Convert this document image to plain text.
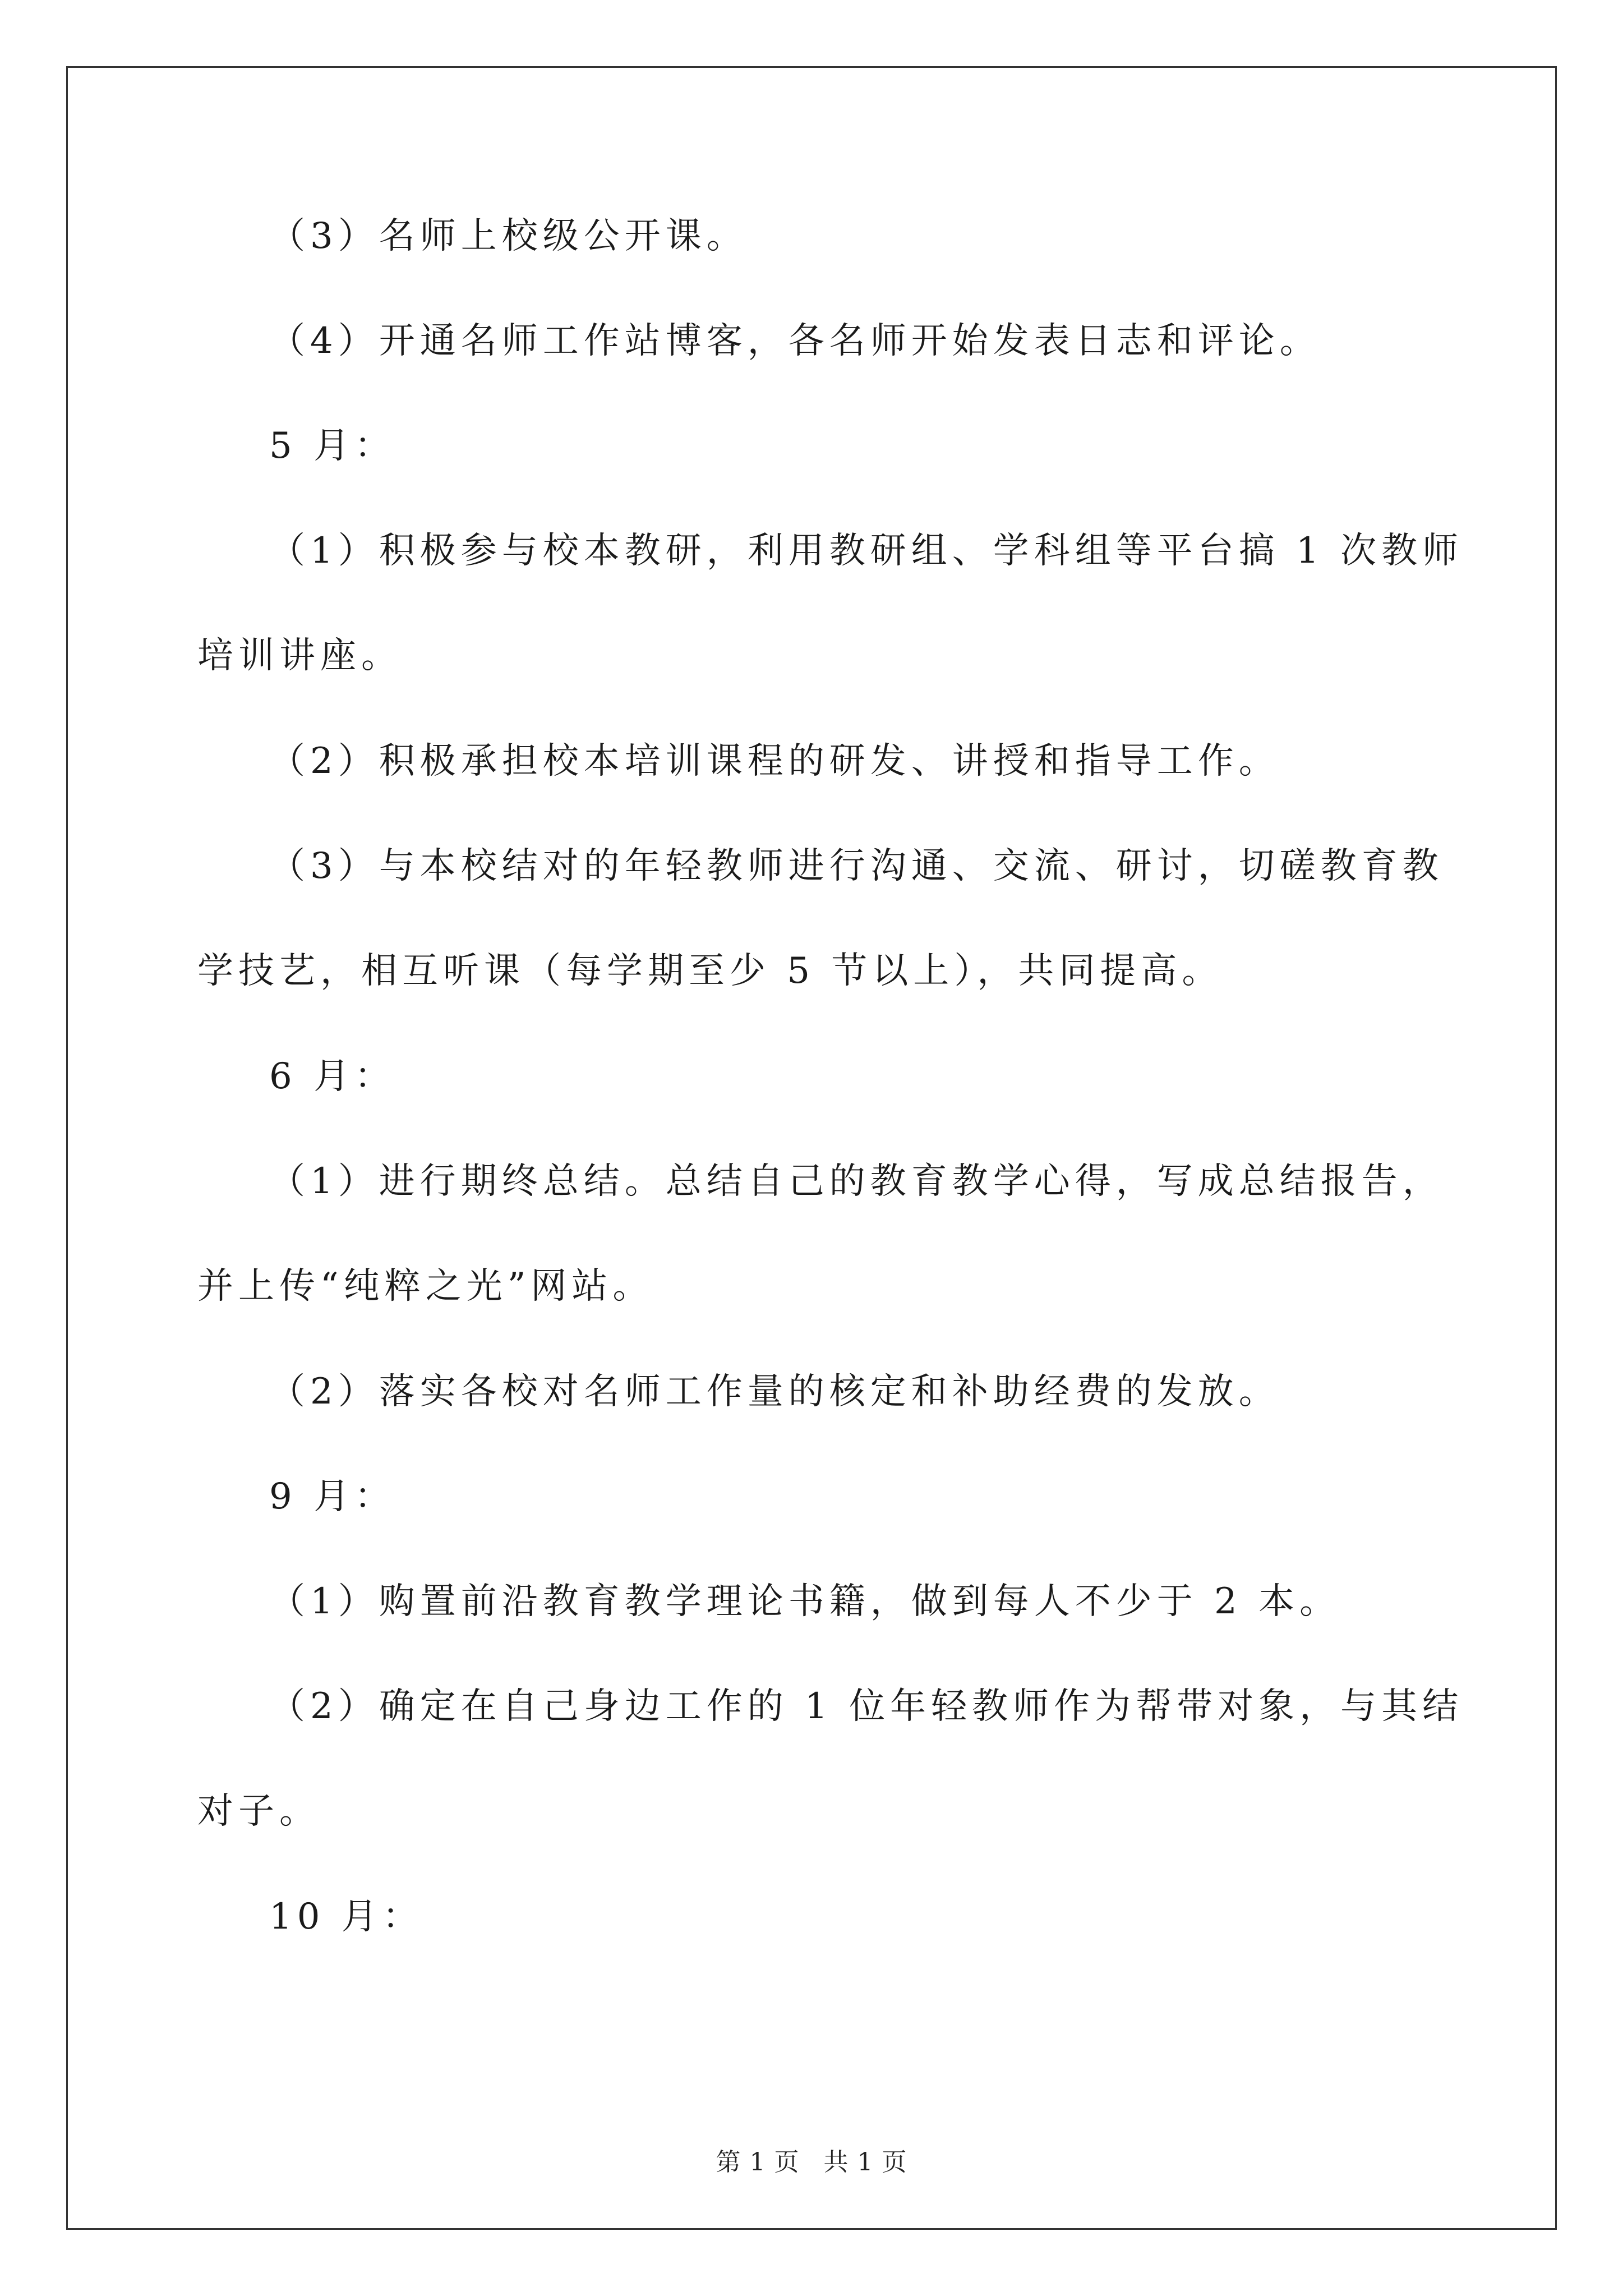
（3）名师上校级公开课。

（4）开通名师工作站博客，各名师开始发表日志和评论。

5 月：

（1）积极参与校本教研，利用教研组、学科组等平台搞 1 次教师培训讲座。

（2）积极承担校本培训课程的研发、讲授和指导工作。

（3）与本校结对的年轻教师进行沟通、交流、研讨，切磋教育教学技艺，相互听课（每学期至少 5 节以上），共同提高。

6 月：

（1）进行期终总结。总结自己的教育教学心得，写成总结报告，并上传“纯粹之光”网站。

（2）落实各校对名师工作量的核定和补助经费的发放。

9 月：

（1）购置前沿教育教学理论书籍，做到每人不少于 2 本。

（2）确定在自己身边工作的 1 位年轻教师作为帮带对象，与其结对子。

10 月：

第 1 页 共 1 页
